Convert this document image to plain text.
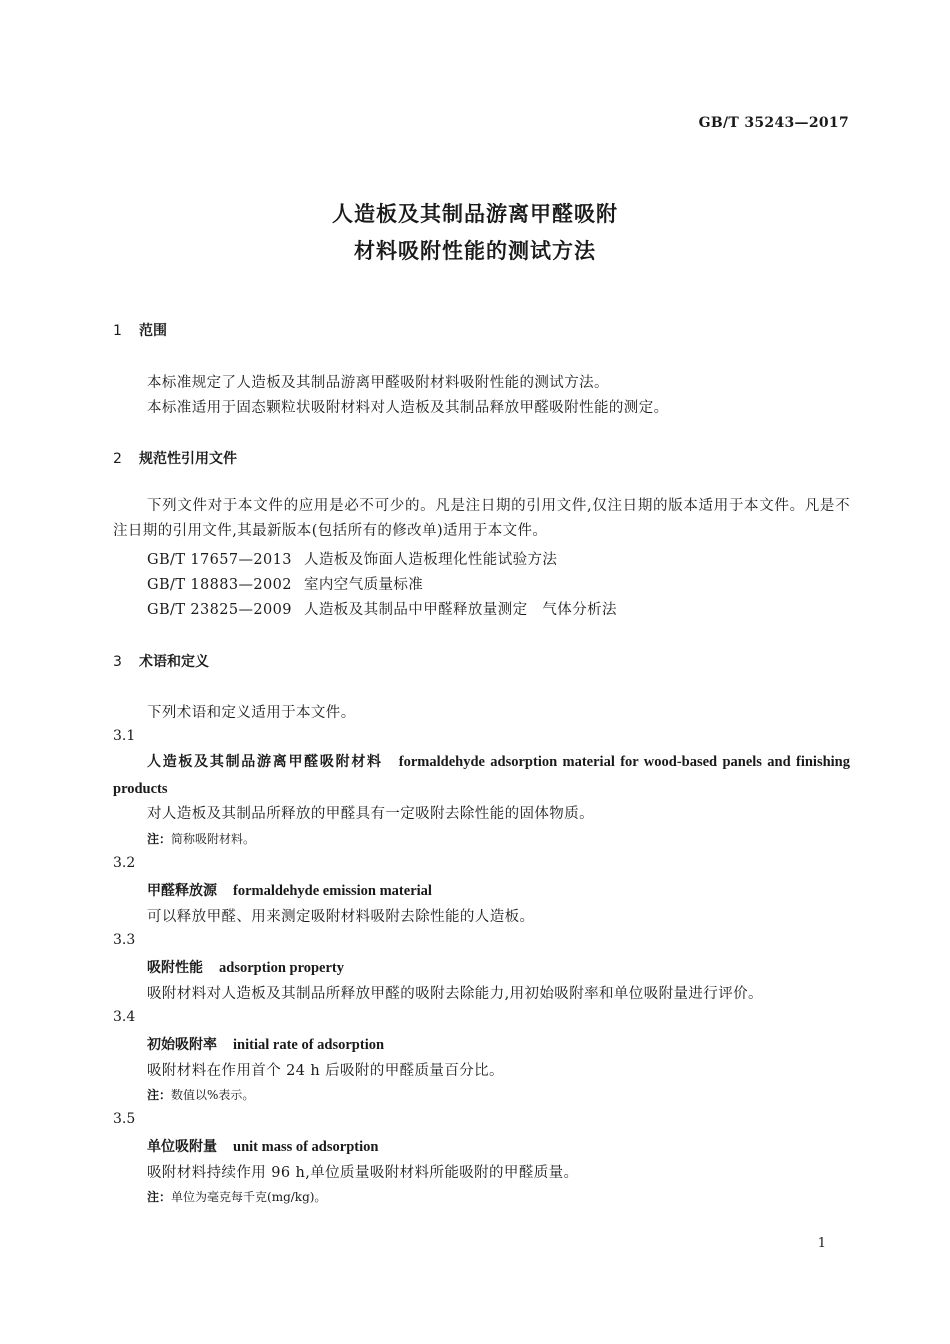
GB/T 35243—2017
人造板及其制品游离甲醛吸附
材料吸附性能的测试方法
1 范围
本标准规定了人造板及其制品游离甲醛吸附材料吸附性能的测试方法。
本标准适用于固态颗粒状吸附材料对人造板及其制品释放甲醛吸附性能的测定。
2 规范性引用文件
下列文件对于本文件的应用是必不可少的。凡是注日期的引用文件,仅注日期的版本适用于本文件。凡是不注日期的引用文件,其最新版本(包括所有的修改单)适用于本文件。
GB/T 17657—2013 人造板及饰面人造板理化性能试验方法
GB/T 18883—2002 室内空气质量标准
GB/T 23825—2009 人造板及其制品中甲醛释放量测定　气体分析法
3 术语和定义
下列术语和定义适用于本文件。
3.1
人造板及其制品游离甲醛吸附材料 formaldehyde adsorption material for wood-based panels and finishing products
对人造板及其制品所释放的甲醛具有一定吸附去除性能的固体物质。
注：简称吸附材料。
3.2
甲醛释放源 formaldehyde emission material
可以释放甲醛、用来测定吸附材料吸附去除性能的人造板。
3.3
吸附性能 adsorption property
吸附材料对人造板及其制品所释放甲醛的吸附去除能力,用初始吸附率和单位吸附量进行评价。
3.4
初始吸附率 initial rate of adsorption
吸附材料在作用首个 24 h 后吸附的甲醛质量百分比。
注：数值以%表示。
3.5
单位吸附量 unit mass of adsorption
吸附材料持续作用 96 h,单位质量吸附材料所能吸附的甲醛质量。
注：单位为毫克每千克(mg/kg)。
1
